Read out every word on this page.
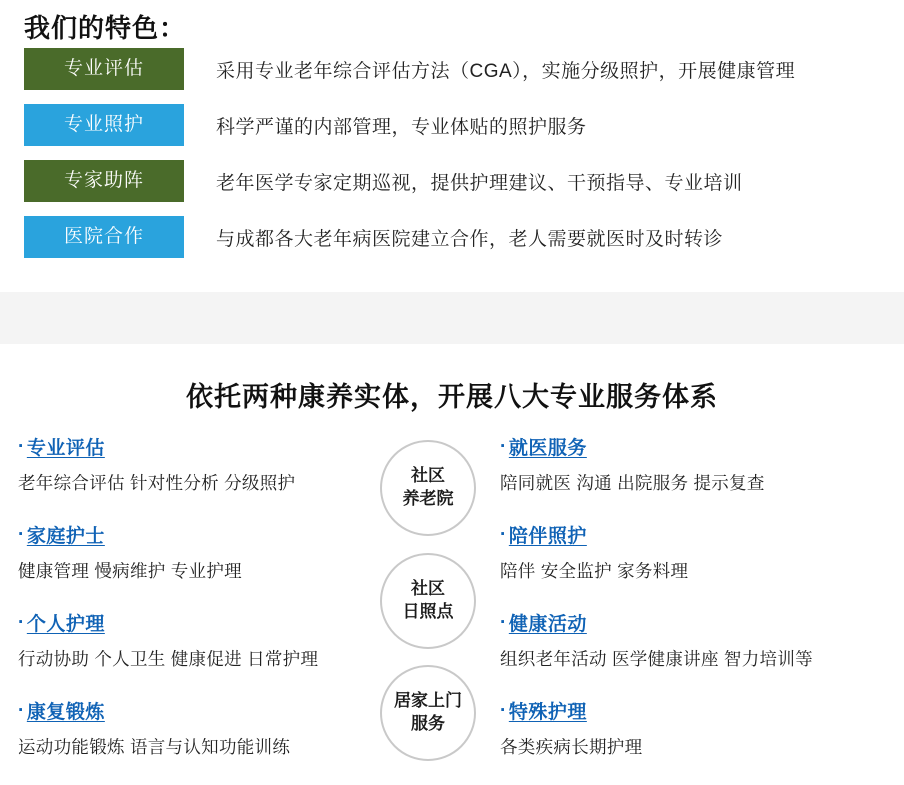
我们的特色：
专业评估	采用专业老年综合评估方法（CGA），实施分级照护，开展健康管理
专业照护	科学严谨的内部管理，专业体贴的照护服务
专家助阵	老年医学专家定期巡视，提供护理建议、干预指导、专业培训
医院合作	与成都各大老年病医院建立合作，老人需要就医时及时转诊
依托两种康养实体，开展八大专业服务体系
· 专业评估
老年综合评估 针对性分析 分级照护
· 家庭护士
健康管理 慢病维护 专业护理
· 个人护理
行动协助 个人卫生 健康促进 日常护理
· 康复锻炼
运动功能锻炼 语言与认知功能训练
· 就医服务
陪同就医 沟通 出院服务 提示复查
· 陪伴照护
陪伴 安全监护 家务料理
· 健康活动
组织老年活动 医学健康讲座 智力培训等
· 特殊护理
各类疾病长期护理
社区
养老院
社区
日照点
居家上门
服务
